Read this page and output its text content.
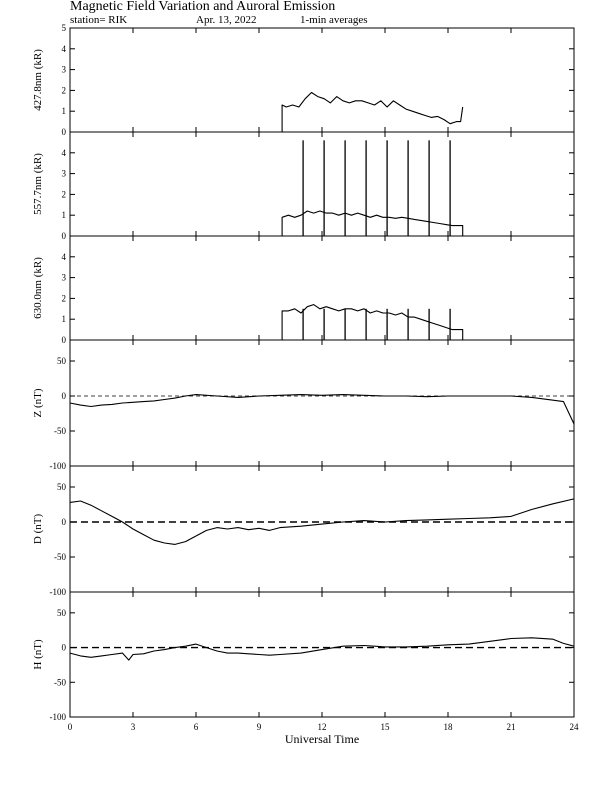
Magnetic Field Variation and Auroral Emission
station= RIK	Apr. 13, 2022	1-min averages
0
1
2
3
4
5
427.8nm (kR)
0
1
2
3
4
557.7nm (kR)
0
1
2
3
4
630.0nm (kR)
-100
-50
0
50
Z (nT)
-100
-50
0
50
D (nT)
-100
-50
0
50
H (nT)
0	3	6	9	12	15	18	21	24
Universal Time
